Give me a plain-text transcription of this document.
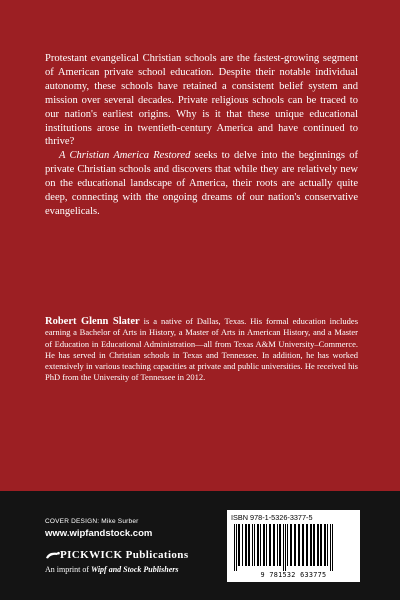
Protestant evangelical Christian schools are the fastest-growing segment of American private school education. Despite their notable individual autonomy, these schools have retained a consistent belief system and mission over several decades. Private religious schools can be traced to our nation's earliest origins. Why is it that these unique educational institutions arose in twentieth-century America and have continued to thrive?

A Christian America Restored seeks to delve into the beginnings of private Christian schools and discovers that while they are relatively new on the educational landscape of America, their roots are actually quite deep, connecting with the ongoing dreams of our nation's conservative evangelicals.

Robert Glenn Slater is a native of Dallas, Texas. His formal education includes earning a Bachelor of Arts in History, a Master of Arts in American History, and a Master of Education in Educational Administration—all from Texas A&M University–Commerce. He has served in Christian schools in Texas and Tennessee. In addition, he has worked extensively in various teaching capacities at private and public universities. He received his PhD from the University of Tennessee in 2012.

COVER DESIGN: Mike Surber
www.wipfandstock.com
PICKWICK Publications
An imprint of Wipf and Stock Publishers
ISBN 978-1-5326-3377-5
9 781532 633775
